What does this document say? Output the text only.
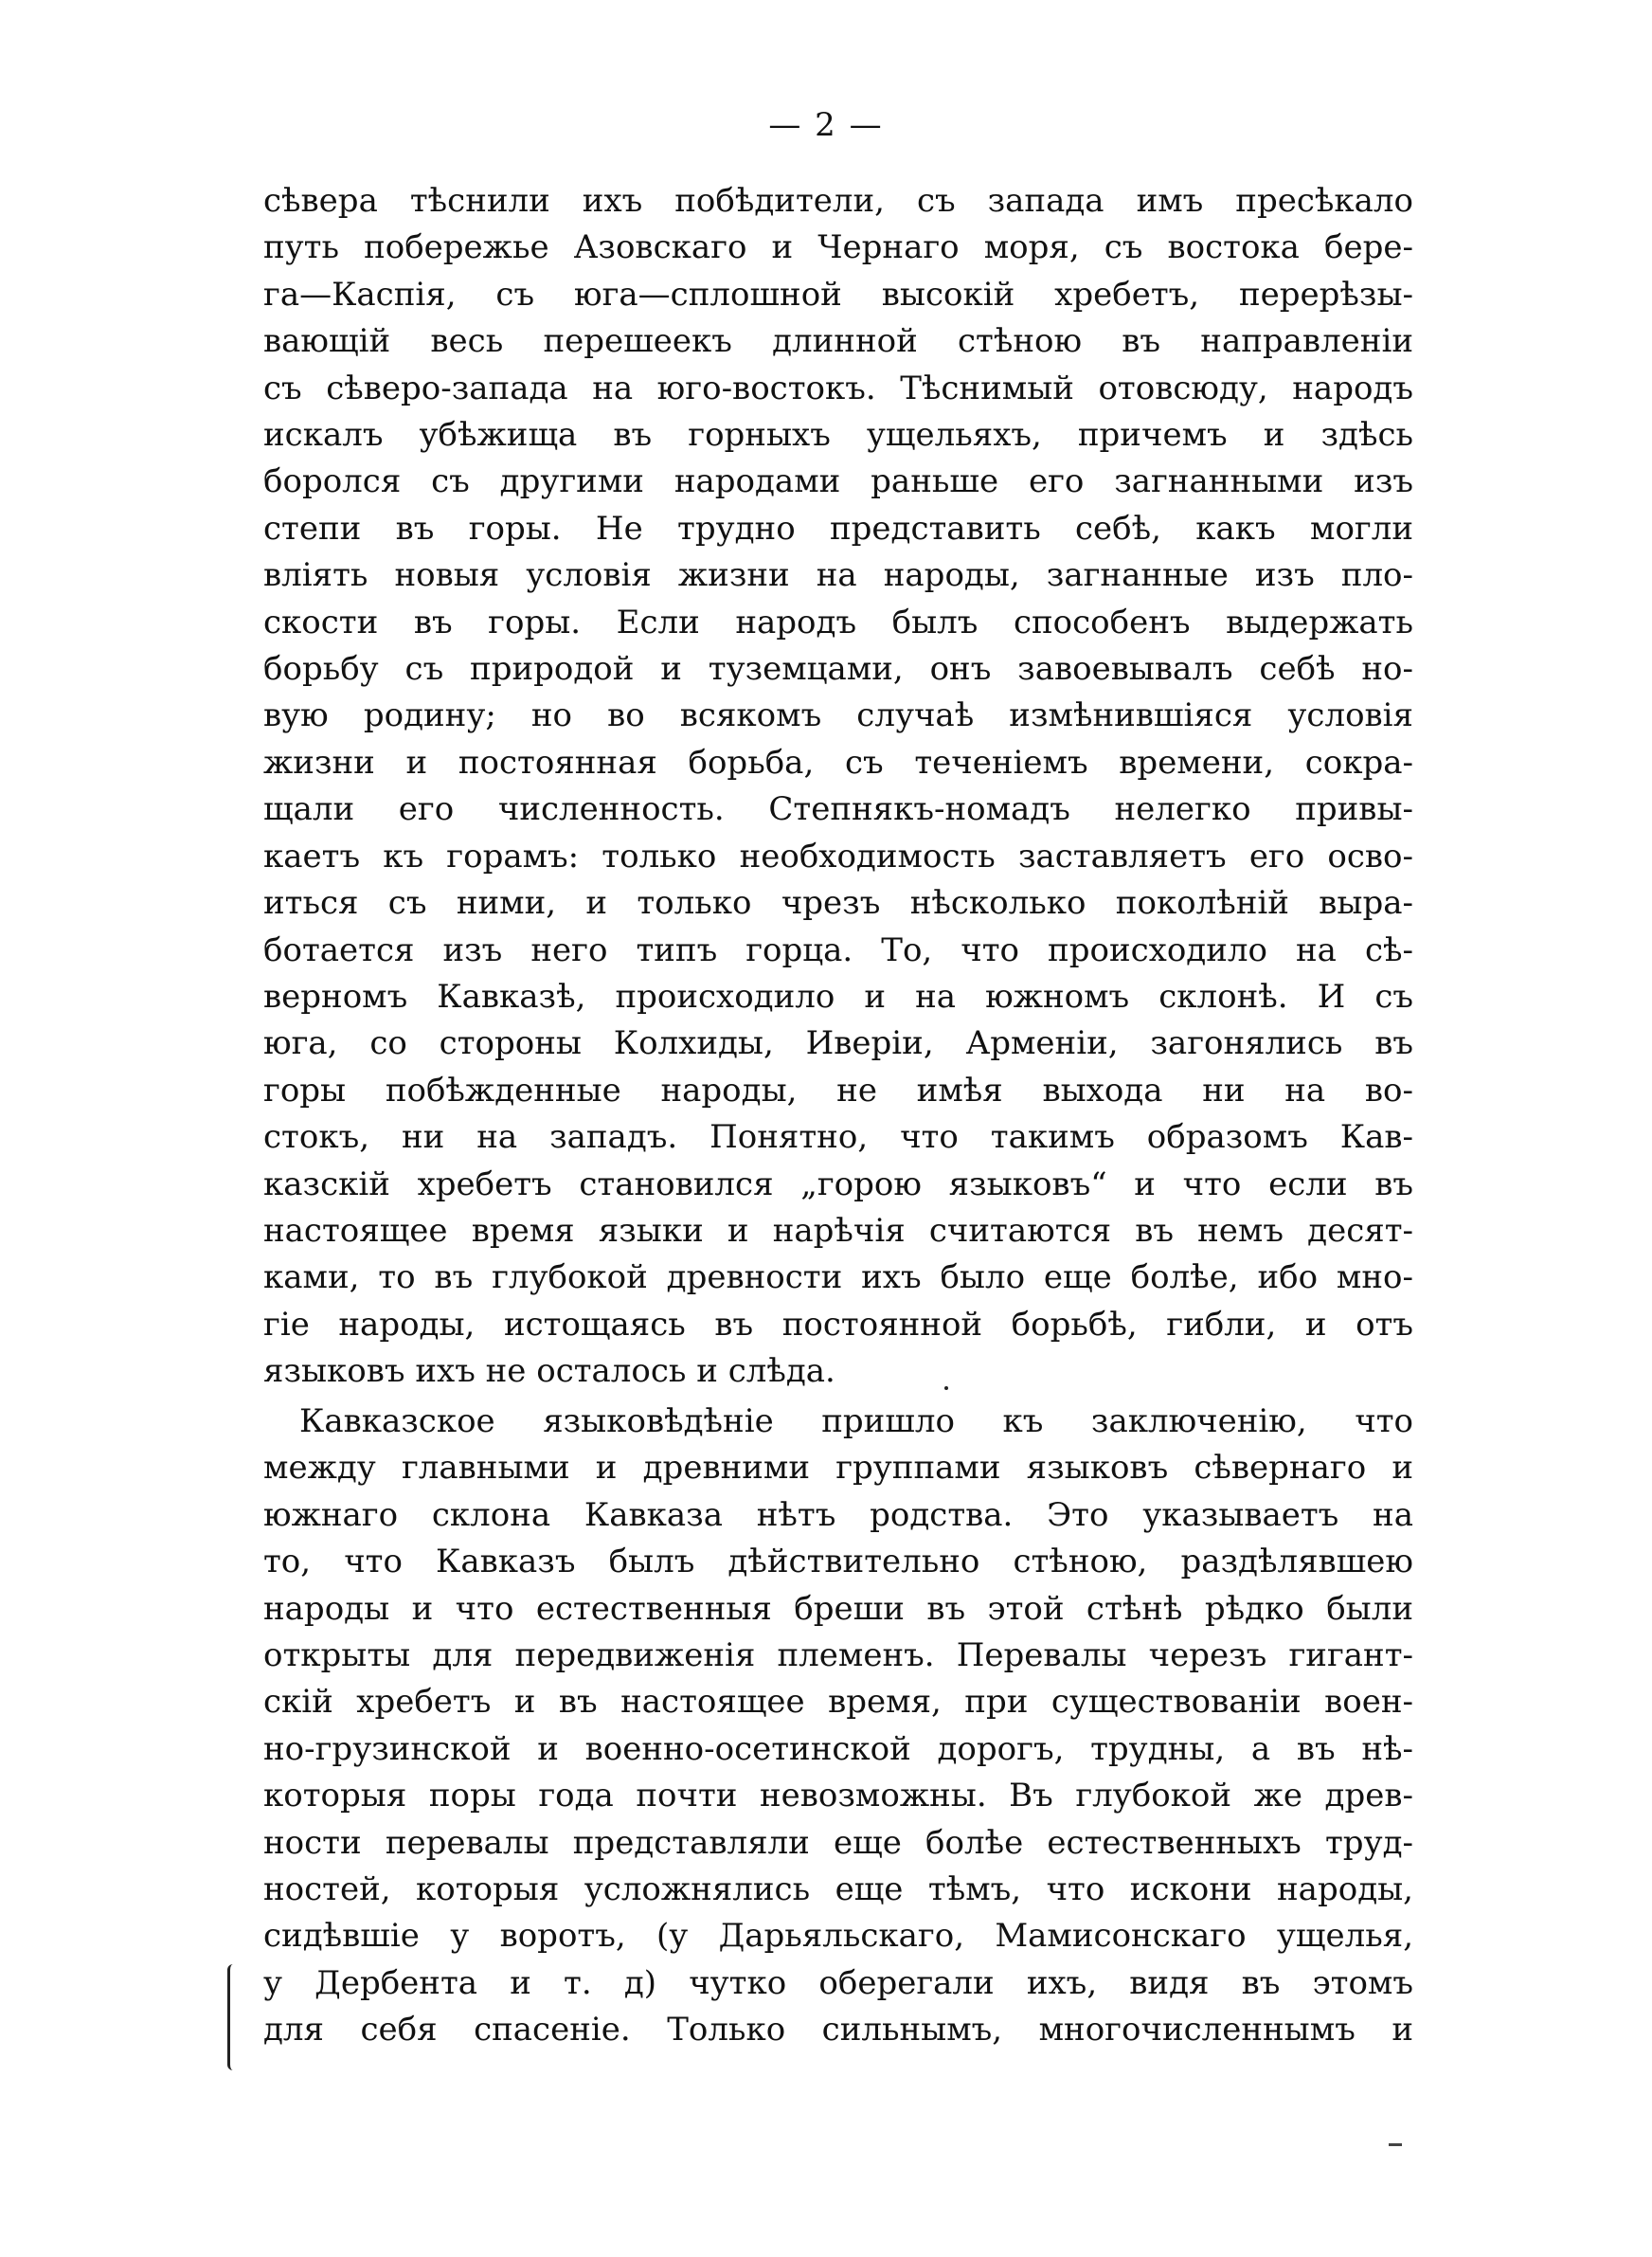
— 2 —
сѣвера тѣснили ихъ побѣдители, съ запада имъ пресѣкало
путь побережье Азовскаго и Чернаго моря, съ востока бере-
га—Каспія, съ юга—сплошной высокій хребетъ, перерѣзы-
вающій весь перешеекъ длинной стѣною въ направленіи
съ сѣверо-запада на юго-востокъ. Тѣснимый отовсюду, народъ
искалъ убѣжища въ горныхъ ущельяхъ, причемъ и здѣсь
боролся съ другими народами раньше его загнанными изъ
степи въ горы. Не трудно представить себѣ, какъ могли
вліять новыя условія жизни на народы, загнанные изъ пло-
скости въ горы. Если народъ былъ способенъ выдержать
борьбу съ природой и туземцами, онъ завоевывалъ себѣ но-
вую родину; но во всякомъ случаѣ измѣнившіяся условія
жизни и постоянная борьба, съ теченіемъ времени, сокра-
щали его численность. Степнякъ-номадъ нелегко привы-
каетъ къ горамъ: только необходимость заставляетъ его осво-
иться съ ними, и только чрезъ нѣсколько поколѣній выра-
ботается изъ него типъ горца. То, что происходило на сѣ-
верномъ Кавказѣ, происходило и на южномъ склонѣ. И съ
юга, со стороны Колхиды, Иверіи, Арменіи, загонялись въ
горы побѣжденные народы, не имѣя выхода ни на во-
стокъ, ни на западъ. Понятно, что такимъ образомъ Кав-
казскій хребетъ становился „горою языковъ“ и что если въ
настоящее время языки и нарѣчія считаются въ немъ десят-
ками, то въ глубокой древности ихъ было еще болѣе, ибо мно-
гіе народы, истощаясь въ постоянной борьбѣ, гибли, и отъ
языковъ ихъ не осталось и слѣда.
Кавказское языковѣдѣніе пришло къ заключенію, что
между главными и древними группами языковъ сѣвернаго и
южнаго склона Кавказа нѣтъ родства. Это указываетъ на
то, что Кавказъ былъ дѣйствительно стѣною, раздѣлявшею
народы и что естественныя бреши въ этой стѣнѣ рѣдко были
открыты для передвиженія племенъ. Перевалы черезъ гигант-
скій хребетъ и въ настоящее время, при существованіи воен-
но-грузинской и военно-осетинской дорогъ, трудны, а въ нѣ-
которыя поры года почти невозможны. Въ глубокой же древ-
ности перевалы представляли еще болѣе естественныхъ труд-
ностей, которыя усложнялись еще тѣмъ, что искони народы,
сидѣвшіе у воротъ, (у Дарьяльскаго, Мамисонскаго ущелья,
у Дербента и т. д) чутко оберегали ихъ, видя въ этомъ
для себя спасеніе. Только сильнымъ, многочисленнымъ и
